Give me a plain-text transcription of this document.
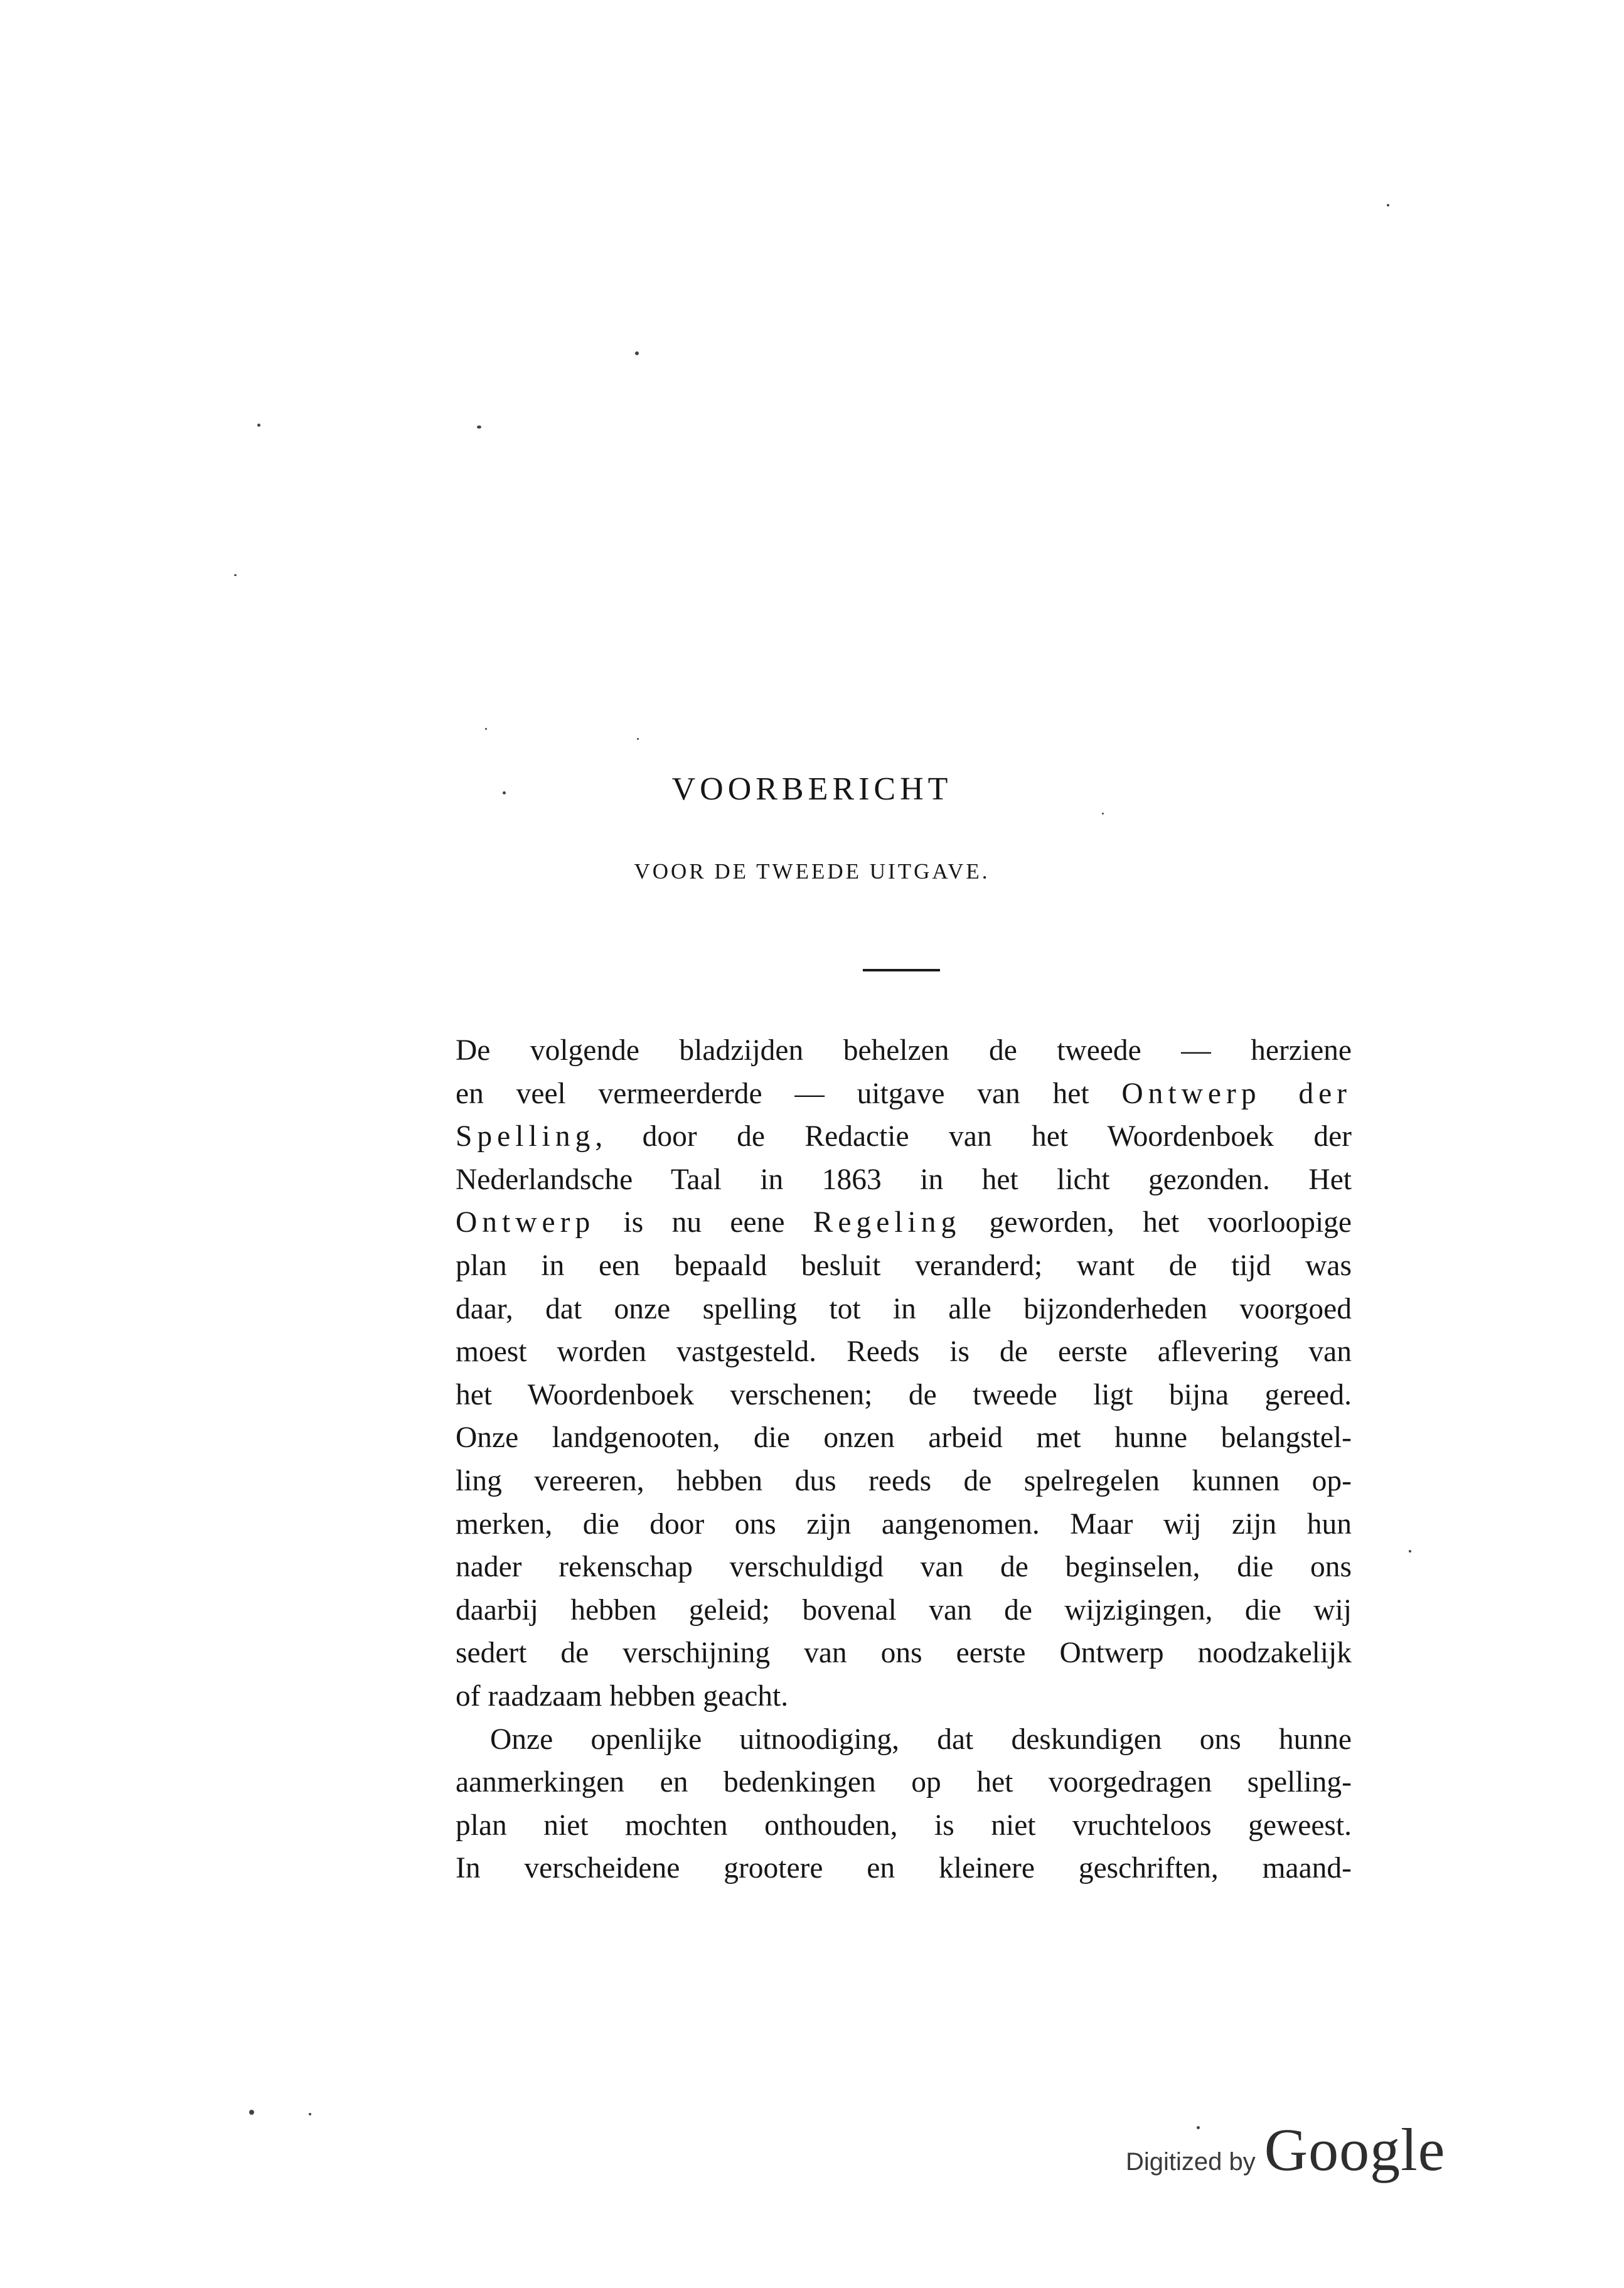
VOORBERICHT
VOOR DE TWEEDE UITGAVE.
De volgende bladzijden behelzen de tweede — herziene
en veel vermeerderde — uitgave van het Ontwerp der
Spelling, door de Redactie van het Woordenboek der
Nederlandsche Taal in 1863 in het licht gezonden. Het
Ontwerp is nu eene Regeling geworden, het voorloopige
plan in een bepaald besluit veranderd; want de tijd was
daar, dat onze spelling tot in alle bijzonderheden voorgoed
moest worden vastgesteld. Reeds is de eerste aflevering van
het Woordenboek verschenen; de tweede ligt bijna gereed.
Onze landgenooten, die onzen arbeid met hunne belangstel-
ling vereeren, hebben dus reeds de spelregelen kunnen op-
merken, die door ons zijn aangenomen. Maar wij zijn hun
nader rekenschap verschuldigd van de beginselen, die ons
daarbij hebben geleid; bovenal van de wijzigingen, die wij
sedert de verschijning van ons eerste Ontwerp noodzakelijk
of raadzaam hebben geacht.
Onze openlijke uitnoodiging, dat deskundigen ons hunne
aanmerkingen en bedenkingen op het voorgedragen spelling-
plan niet mochten onthouden, is niet vruchteloos geweest.
In verscheidene grootere en kleinere geschriften, maand-
Digitized by Google
